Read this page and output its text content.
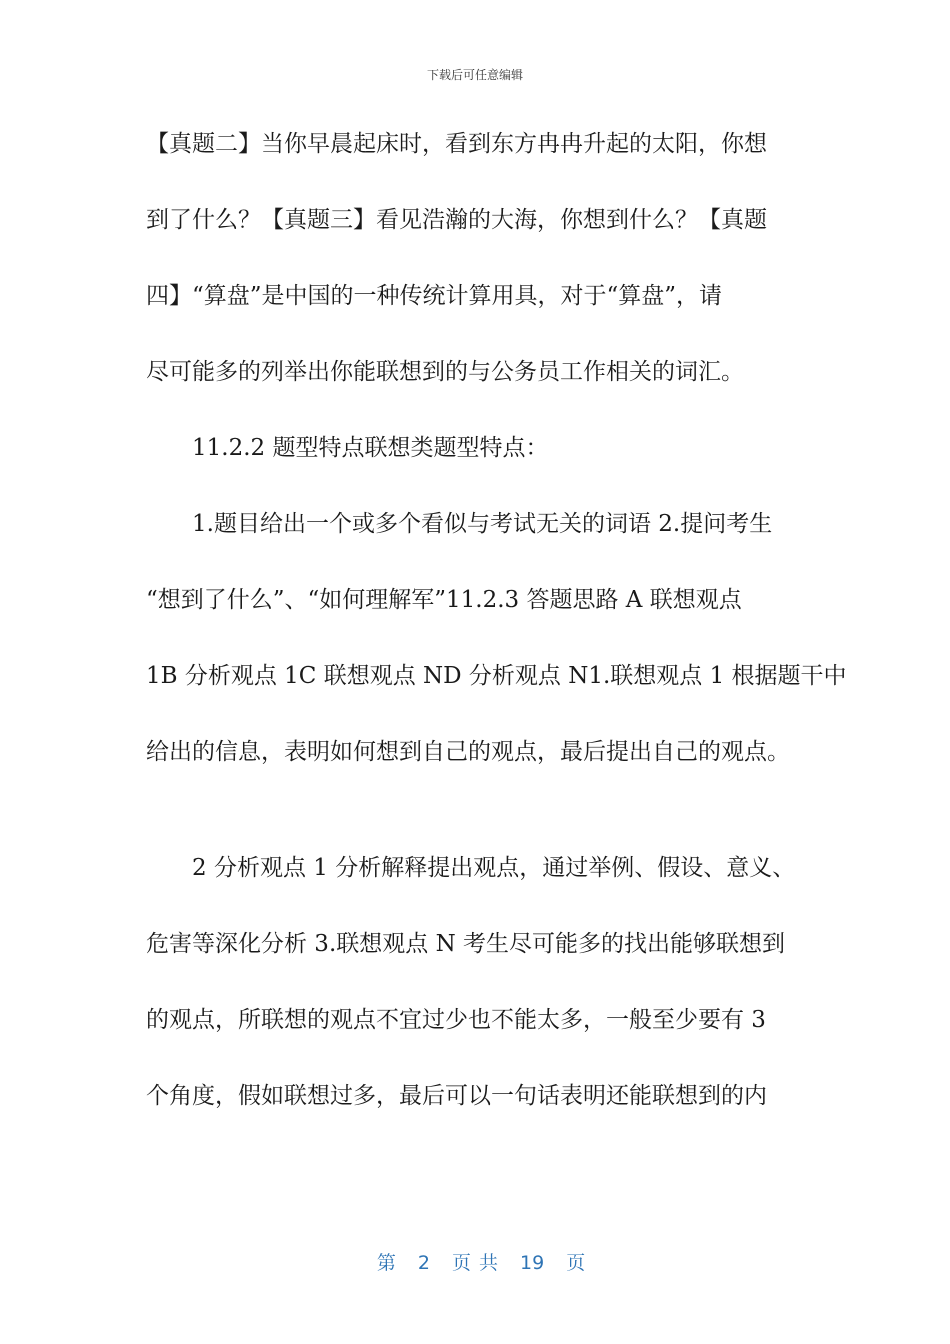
下载后可任意编辑
【真题二】当你早晨起床时，看到东方冉冉升起的太阳，你想
到了什么？【真题三】看见浩瀚的大海，你想到什么？【真题
四】“算盘”是中国的一种传统计算用具，对于“算盘”，请
尽可能多的列举出你能联想到的与公务员工作相关的词汇。
11.2.2 题型特点联想类题型特点：
1.题目给出一个或多个看似与考试无关的词语 2.提问考生
“想到了什么”、“如何理解军”11.2.3 答题思路 A 联想观点
1B 分析观点 1C 联想观点 ND 分析观点 N1.联想观点 1 根据题干中
给出的信息，表明如何想到自己的观点，最后提出自己的观点。
2 分析观点 1 分析解释提出观点，通过举例、假设、意义、
危害等深化分析 3.联想观点 N 考生尽可能多的找出能够联想到
的观点，所联想的观点不宜过少也不能太多，一般至少要有 3
个角度，假如联想过多，最后可以一句话表明还能联想到的内

第 2 页 共 19 页
